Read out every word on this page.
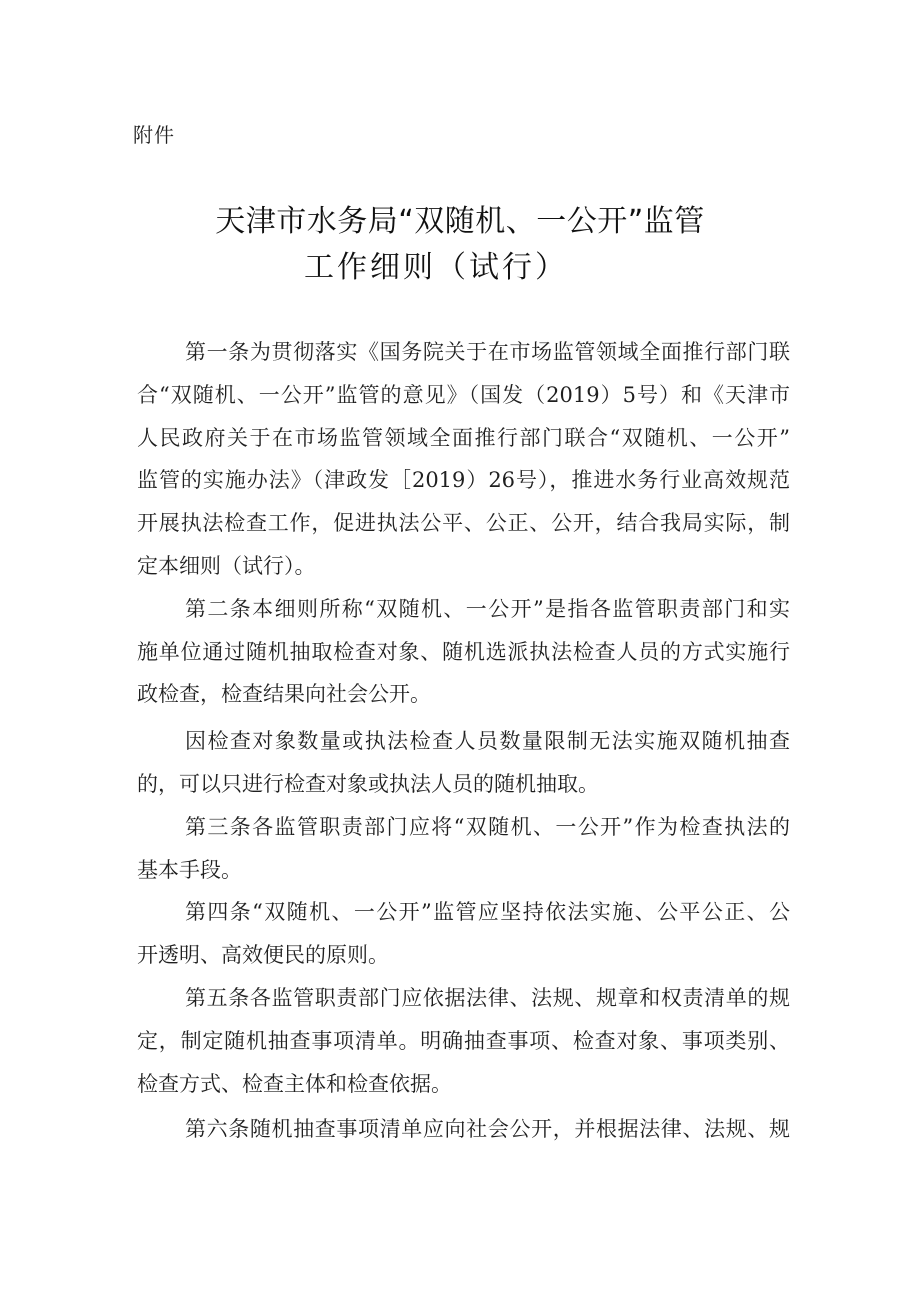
附件
天津市水务局“双随机、一公开”监管
工作细则（试行）
第一条为贯彻落实《国务院关于在市场监管领域全面推行部门联
合“双随机、一公开”监管的意见》（国发（2019）5号）和《天津市
人民政府关于在市场监管领域全面推行部门联合“双随机、一公开”
监管的实施办法》（津政发［2019）26号），推进水务行业高效规范
开展执法检查工作，促进执法公平、公正、公开，结合我局实际，制
定本细则（试行）。
第二条本细则所称“双随机、一公开”是指各监管职责部门和实
施单位通过随机抽取检查对象、随机选派执法检查人员的方式实施行
政检查，检查结果向社会公开。
因检查对象数量或执法检查人员数量限制无法实施双随机抽查
的，可以只进行检查对象或执法人员的随机抽取。
第三条各监管职责部门应将“双随机、一公开”作为检查执法的
基本手段。
第四条“双随机、一公开”监管应坚持依法实施、公平公正、公
开透明、高效便民的原则。
第五条各监管职责部门应依据法律、法规、规章和权责清单的规
定，制定随机抽查事项清单。明确抽查事项、检查对象、事项类别、
检查方式、检查主体和检查依据。
第六条随机抽查事项清单应向社会公开，并根据法律、法规、规
